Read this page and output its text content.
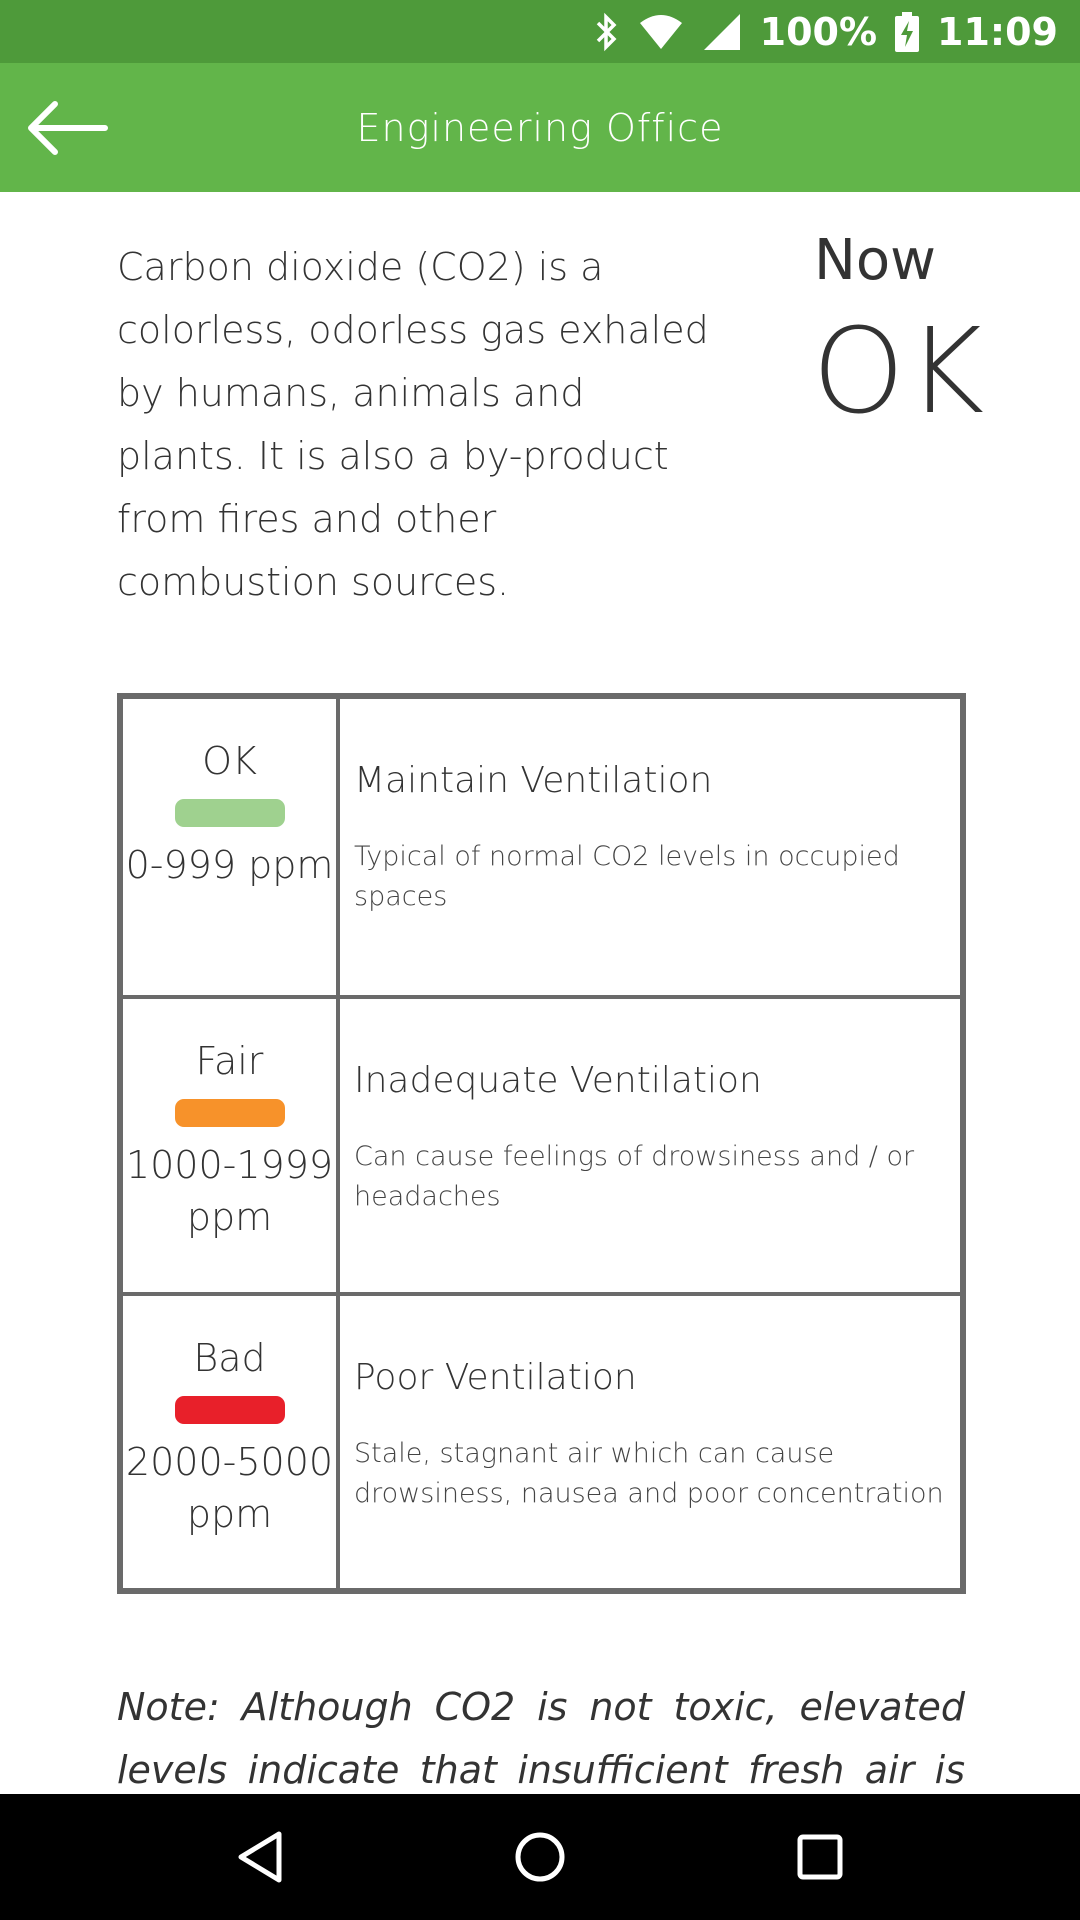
100% 11:09
Engineering Office

Carbon dioxide (CO2) is a colorless, odorless gas exhaled by humans, animals and plants. It is also a by-product from fires and other combustion sources.

Now
OK
OK
0-999 ppm
Maintain Ventilation
Typical of normal CO2 levels in occupied spaces
Fair
1000-1999 ppm
Inadequate Ventilation
Can cause feelings of drowsiness and / or headaches
Bad
2000-5000 ppm
Poor Ventilation
Stale, stagnant air which can cause drowsiness, nausea and poor concentration

Note: Although CO2 is not toxic, elevated levels indicate that insufficient fresh air is
